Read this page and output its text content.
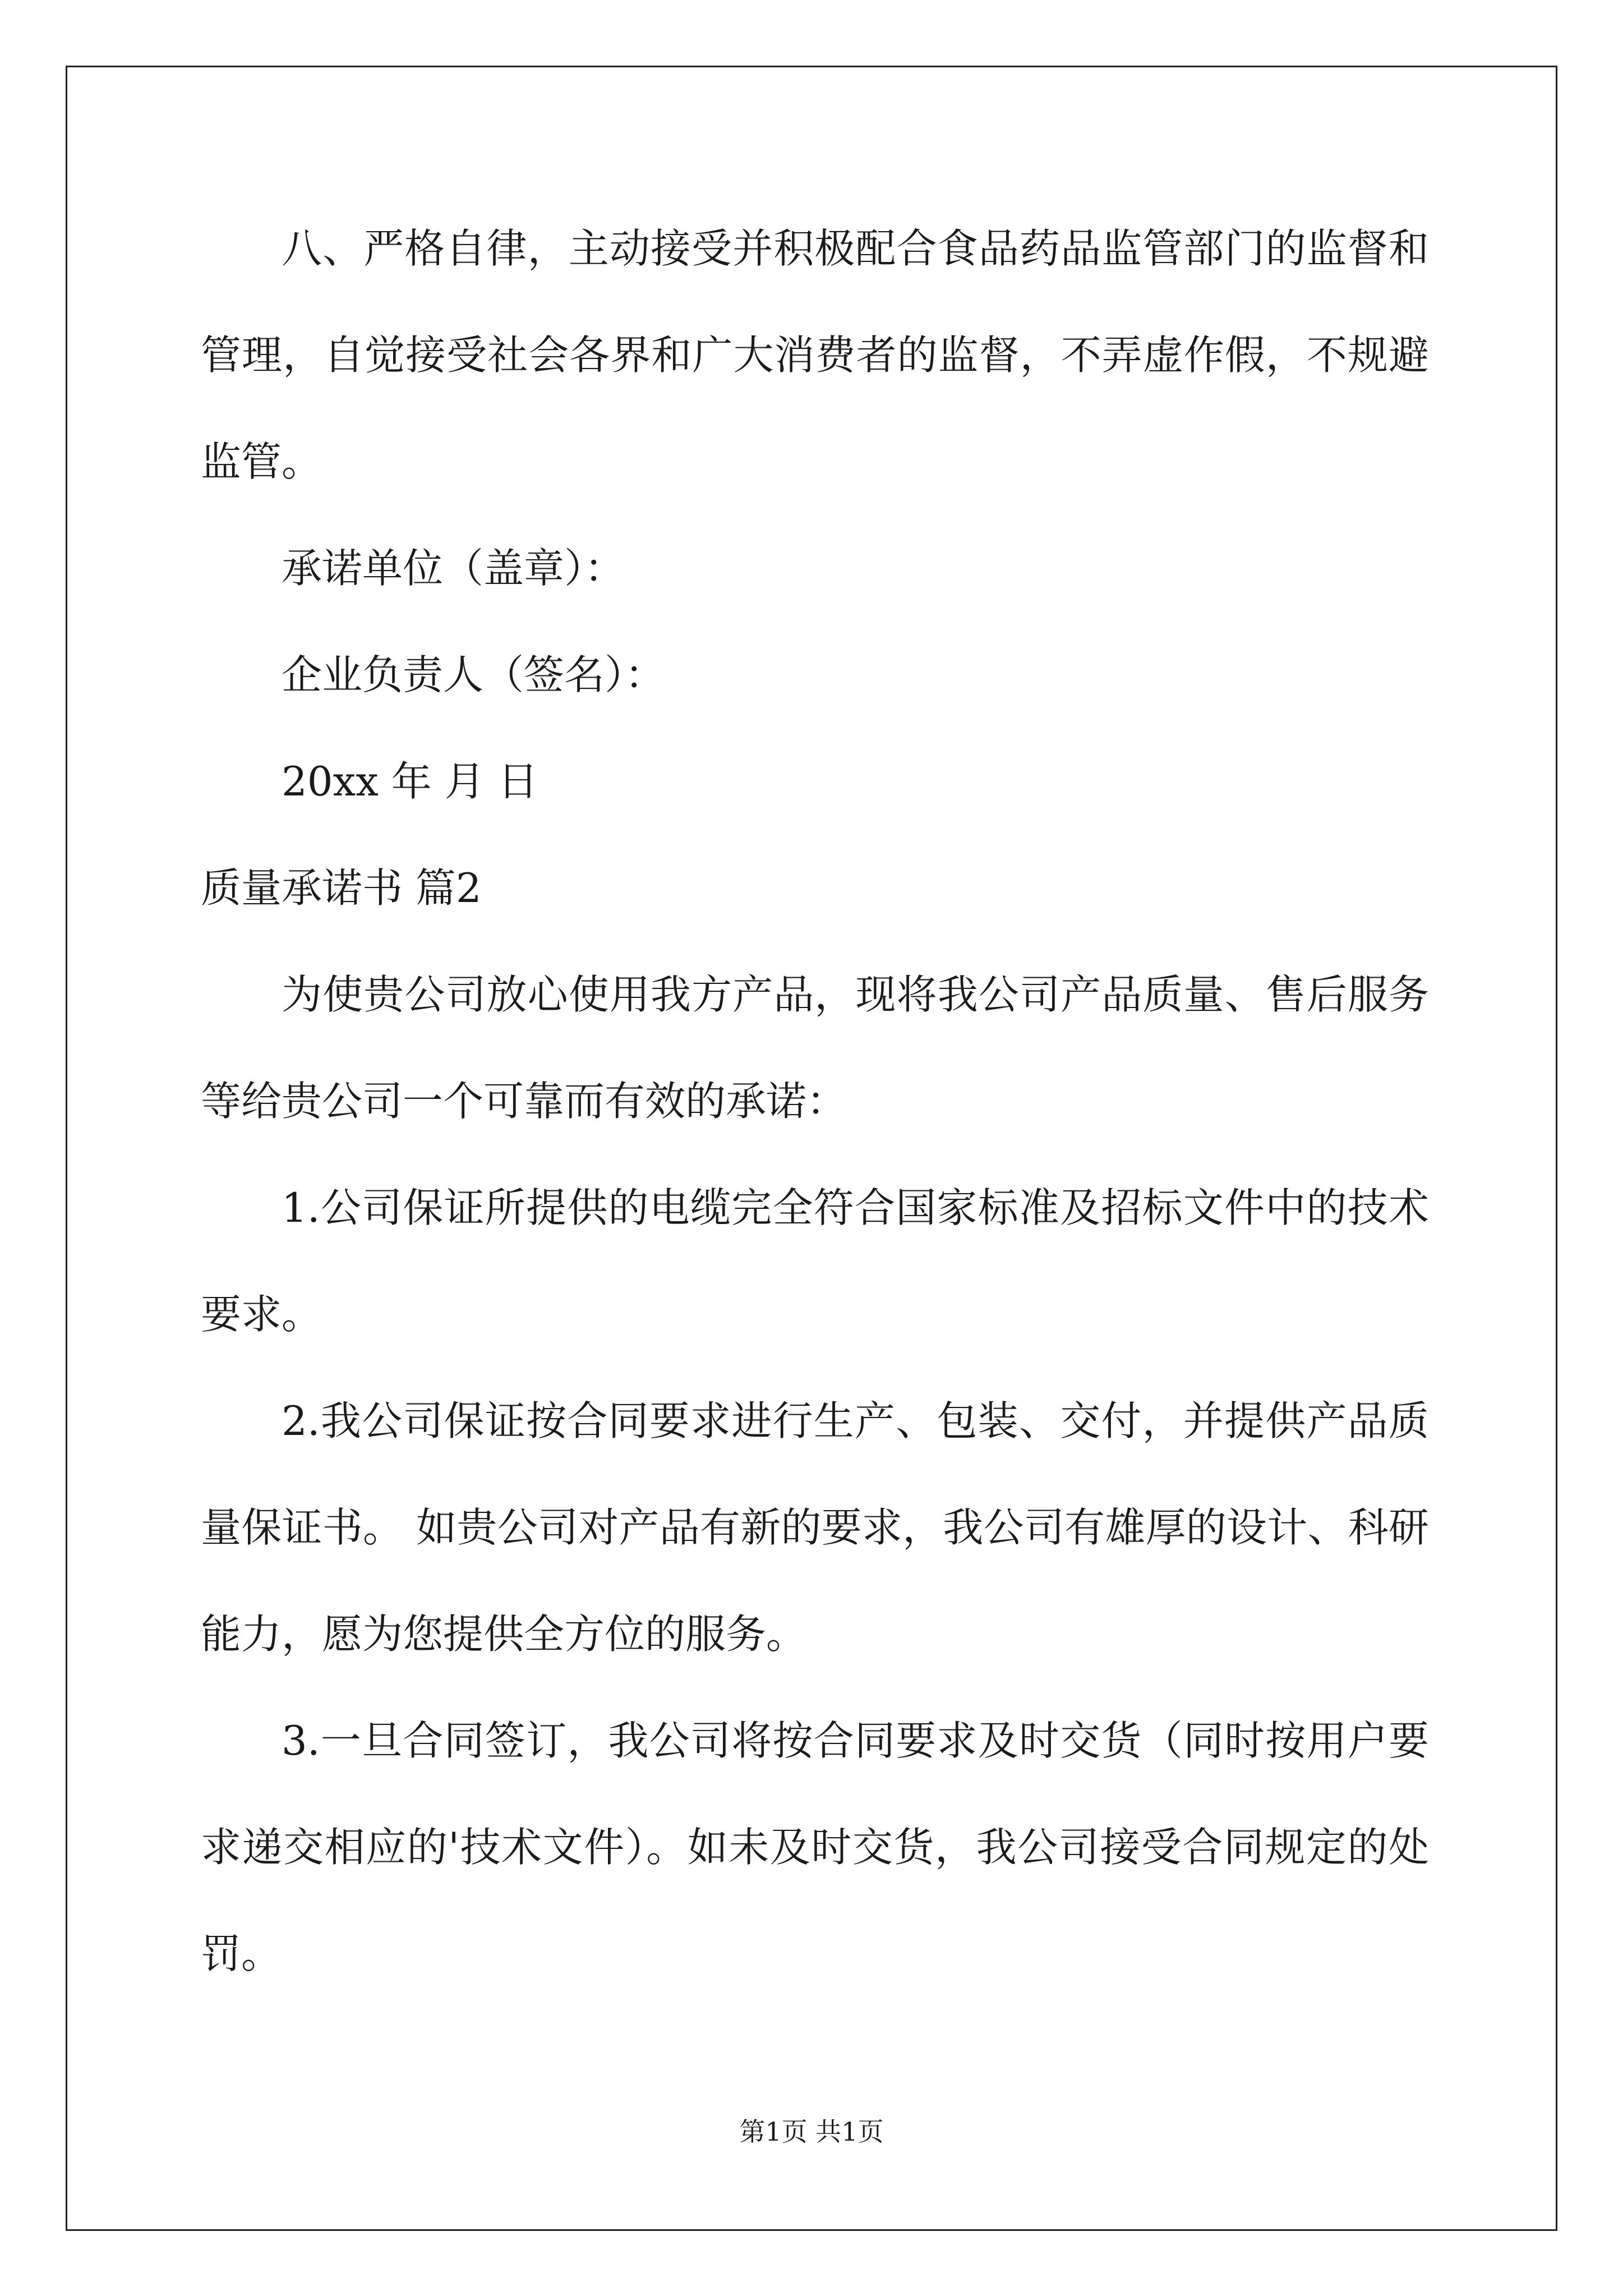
八、严格自律，主动接受并积极配合食品药品监管部门的监督和
管理，自觉接受社会各界和广大消费者的监督，不弄虚作假，不规避
监管。
承诺单位（盖章）：
企业负责人（签名）：
20xx 年 月 日
质量承诺书 篇2
为使贵公司放心使用我方产品，现将我公司产品质量、售后服务
等给贵公司一个可靠而有效的承诺：
1.公司保证所提供的电缆完全符合国家标准及招标文件中的技术
要求。
2.我公司保证按合同要求进行生产、包装、交付，并提供产品质
量保证书。 如贵公司对产品有新的要求，我公司有雄厚的设计、科研
能力，愿为您提供全方位的服务。
3.一旦合同签订，我公司将按合同要求及时交货（同时按用户要
求递交相应的'技术文件）。如未及时交货，我公司接受合同规定的处
罚。
第1页 共1页
